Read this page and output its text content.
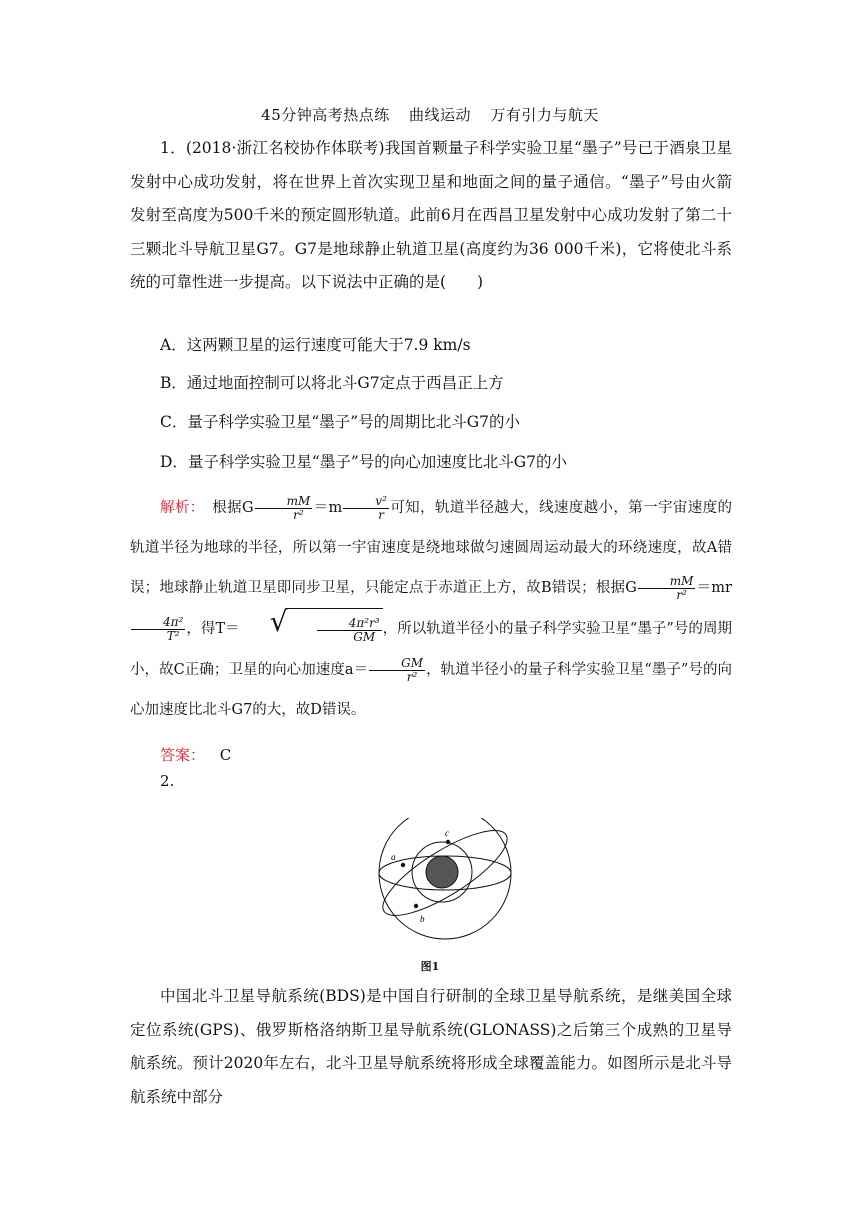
45分钟高考热点练 曲线运动 万有引力与航天
1．(2018·浙江名校协作体联考)我国首颗量子科学实验卫星“墨子”号已于酒泉卫星发射中心成功发射，将在世界上首次实现卫星和地面之间的量子通信。“墨子”号由火箭发射至高度为500千米的预定圆形轨道。此前6月在西昌卫星发射中心成功发射了第二十三颗北斗导航卫星G7。G7是地球静止轨道卫星(高度约为36 000千米)，它将使北斗系统的可靠性进一步提高。以下说法中正确的是(　　)
A．这两颗卫星的运行速度可能大于7.9 km/s
B．通过地面控制可以将北斗G7定点于西昌正上方
C．量子科学实验卫星“墨子”号的周期比北斗G7的小
D．量子科学实验卫星“墨子”号的向心加速度比北斗G7的小
解析：　根据G $\frac{mM}{\text{r²}} =m \frac{\text{v²}}{r}$ 可知，轨道半径越大，线速度越小，第一宇宙速度的轨道半径为地球的半径，所以第一宇宙速度是绕地球做匀速圆周运动最大的环绕速度，故A错误；地球静止轨道卫星即同步卫星，只能定点于赤道正上方，故B错误；根据G $\frac{mM}{\text{r²}} =mr$
$\frac{\text{4π²}}{\text{T²}}$ ，得T＝	√ $\frac{\text{4π²r³}}{GM}$ ，所以轨道半径小的量子科学实验卫星“墨子”号的周期小，故C正确；卫星的向心加速度$a= \frac{GM}{\text{r²}}$ ，轨道半径小的量子科学实验卫星“墨子”号的向心加速度比北斗G7的大，故D错误。
答案： C
2.
a
b
c
图1
中国北斗卫星导航系统(BDS)是中国自行研制的全球卫星导航系统，是继美国全球定位系统(GPS)、俄罗斯格洛纳斯卫星导航系统(GLONASS)之后第三个成熟的卫星导航系统。预计2020年左右，北斗卫星导航系统将形成全球覆盖能力。如图所示是北斗导航系统中部分
